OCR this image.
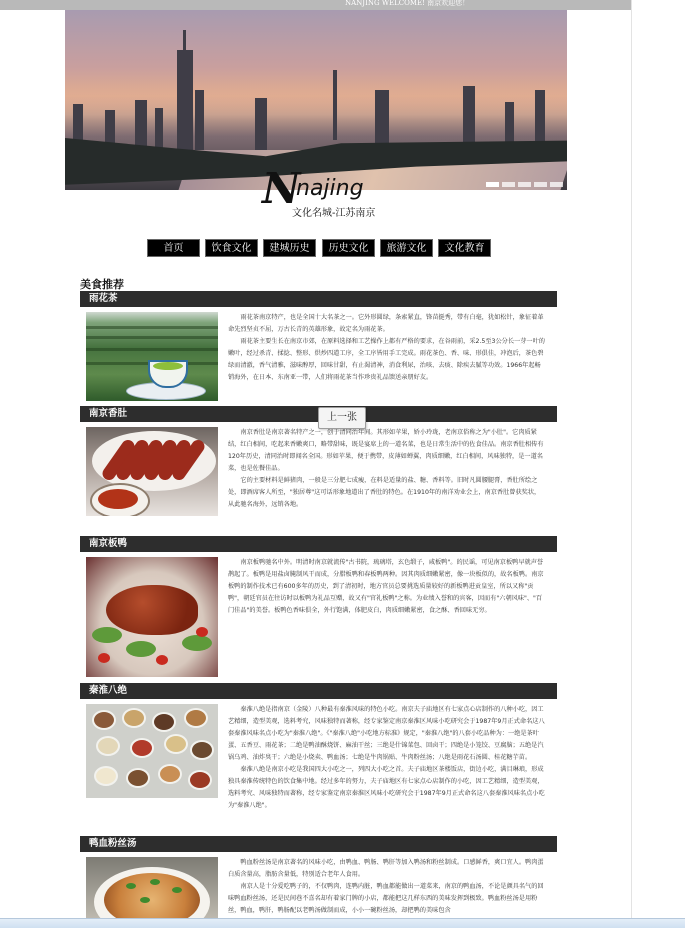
NANJING WELCOME! 南京欢迎您！
N
najing
文化名城-江苏南京
首页	饮食文化	建城历史	历史文化	旅游文化	文化教育
美食推荐
雨花茶

雨花茶南京特产，也是全国十大名茶之一。它外形圆绿，条索紧直，锋苗挺秀，带有白毫，犹如松针，象征着革命先烈坚贞不屈，万古长青的英雄形象，故定名为雨花茶。

雨花茶主要生长在南京市郊，在原料选择和工艺操作上都有严格的要求，在谷雨前，采2.5至3公分长一芽一叶的嫩叶，经过杀青、揉捻、整形、烘炒四道工序，全工序皆用手工完成。雨花茶色、香、味、形俱佳，冲泡后，茶色碧绿而清澈，香气清雅，滋味醇厚，回味甘甜，有止渴清神，消食利尿，治咳、去痰、除疾去腻等功效。1966年起畅销海外，在日本、东南亚一带，人们将雨花茶当作珍贵礼品馈送亲朋好友。

南京香肚

南京香肚是南京著名特产之一，创于清同治年间。其形如苹果，娇小玲珑，老南京俗称之为"小肚"。它肉质紧结，红白相间，吃起来香嫩爽口，略带甜味，既是宴席上的一道名菜，也是日常生活中的佐食佳品。南京香肚相传有120年历史，清同治时即闻名全国。形如苹果，便于携带，皮薄如蝉翼，肉质细嫩，红白相间，风味独特，是一道名菜，也是佐餐佳品。

它的主要材料是鲜猪肉，一般是三分肥七成瘦，在料是适量的盐、糖、香料等。旧时凡圆腰腿膏，香肚所绘之处，即酒席客人所至，"独居尊"这可话形象地道出了香肚的特色。在1910年的南洋劝业会上，南京香肚曾获奖状，从此驰名海外，远销各地。

南京板鸭

南京板鸭驰名中外。明清时南京就流传"古书院，琉璃塔，玄色缎子，咸板鸭"。的民谣，可见南京板鸭早就声誉鹊起了。板鸭是用盐卤腌制风干而成，分腊板鸭和春板鸭两种。因其肉质细嫩紧密，像一块板似的，故名板鸭。南京板鸭的制作技术已有600多年的历史，到了清初时，地方官员总要挑选质量较好的新板鸭进贡皇室，所以又称"贡鸭"，朝廷官员在往访时以板鸭为礼品互赠，故又有"官礼板鸭"之称。为业绩入誉和的宾客，因而有"六朝风味"、"百门佳品"的美誉。板鸭色香味俱全，外行饱满，体肥皮白，肉质细嫩紧密，食之酥、香回味无穷。

秦淮八绝

秦淮八绝是指南京（金陵）八种最有秦淮风味的特色小吃。南京夫子庙地区有七家点心店制作的八种小吃，因工艺精细，造型美观，选料考究，风味独特而著称，经专家鉴定南京秦淮区风味小吃研究会于1987年9月正式命名这八套秦淮风味名点小吃为"秦淮八绝"。《"秦淮八绝"小吃地方标准》规定，"秦淮八绝"的八套小吃品种为：一绝是茶叶蛋、五香豆、雨花茶；二绝是鸭油酥烧饼、麻油干丝；三绝是什锦菜包、回卤干；四绝是小笼饺、豆腐脑；五绝是汽锅乌鸡、油炸臭干；六绝是小烧卖、鸭血汤；七绝是牛肉锅贴、牛肉粉丝汤；八绝是雨花石汤圆、桂花糖芋苗。

秦淮八绝是南京小吃是我国四大小吃之一，列四大小吃之首。夫子庙地区茶楼饭店，街边小吃，满目琳琅，形成独具秦淮传统特色的饮食集中地。经过多年的努力，夫子庙地区有七家点心店制作的小吃，因工艺精细，造型美观，选料考究、风味独特而著称，经专家鉴定南京秦淮区风味小吃研究会于1987年9月正式命名这八套秦淮风味名点小吃为"秦淮八绝"。

鸭血粉丝汤

鸭血粉丝汤是南京著名的风味小吃，由鸭血、鸭肠、鸭肝等加入鸭汤和粉丝制成。口感鲜香，爽口宜人。鸭肉蛋白质含量高，脂肪含量低，特别适合老年人食用。

南京人是十分爱吃鸭子的，不仅鸭肉，连鸭内脏，鸭血都能做出一道菜来，南京的鸭血汤，不论是颜具名气的回味鸭血粉丝汤，还是民间巷不喜名却有着家门牌的小店，都能把这几样东西的美味发挥到极致。鸭血粉丝汤是用粉丝，鸭血，鸭肝，鸭肠配以老鸭汤做制而成，小小一碗粉丝汤，却把鸭的美味包含

上一张
